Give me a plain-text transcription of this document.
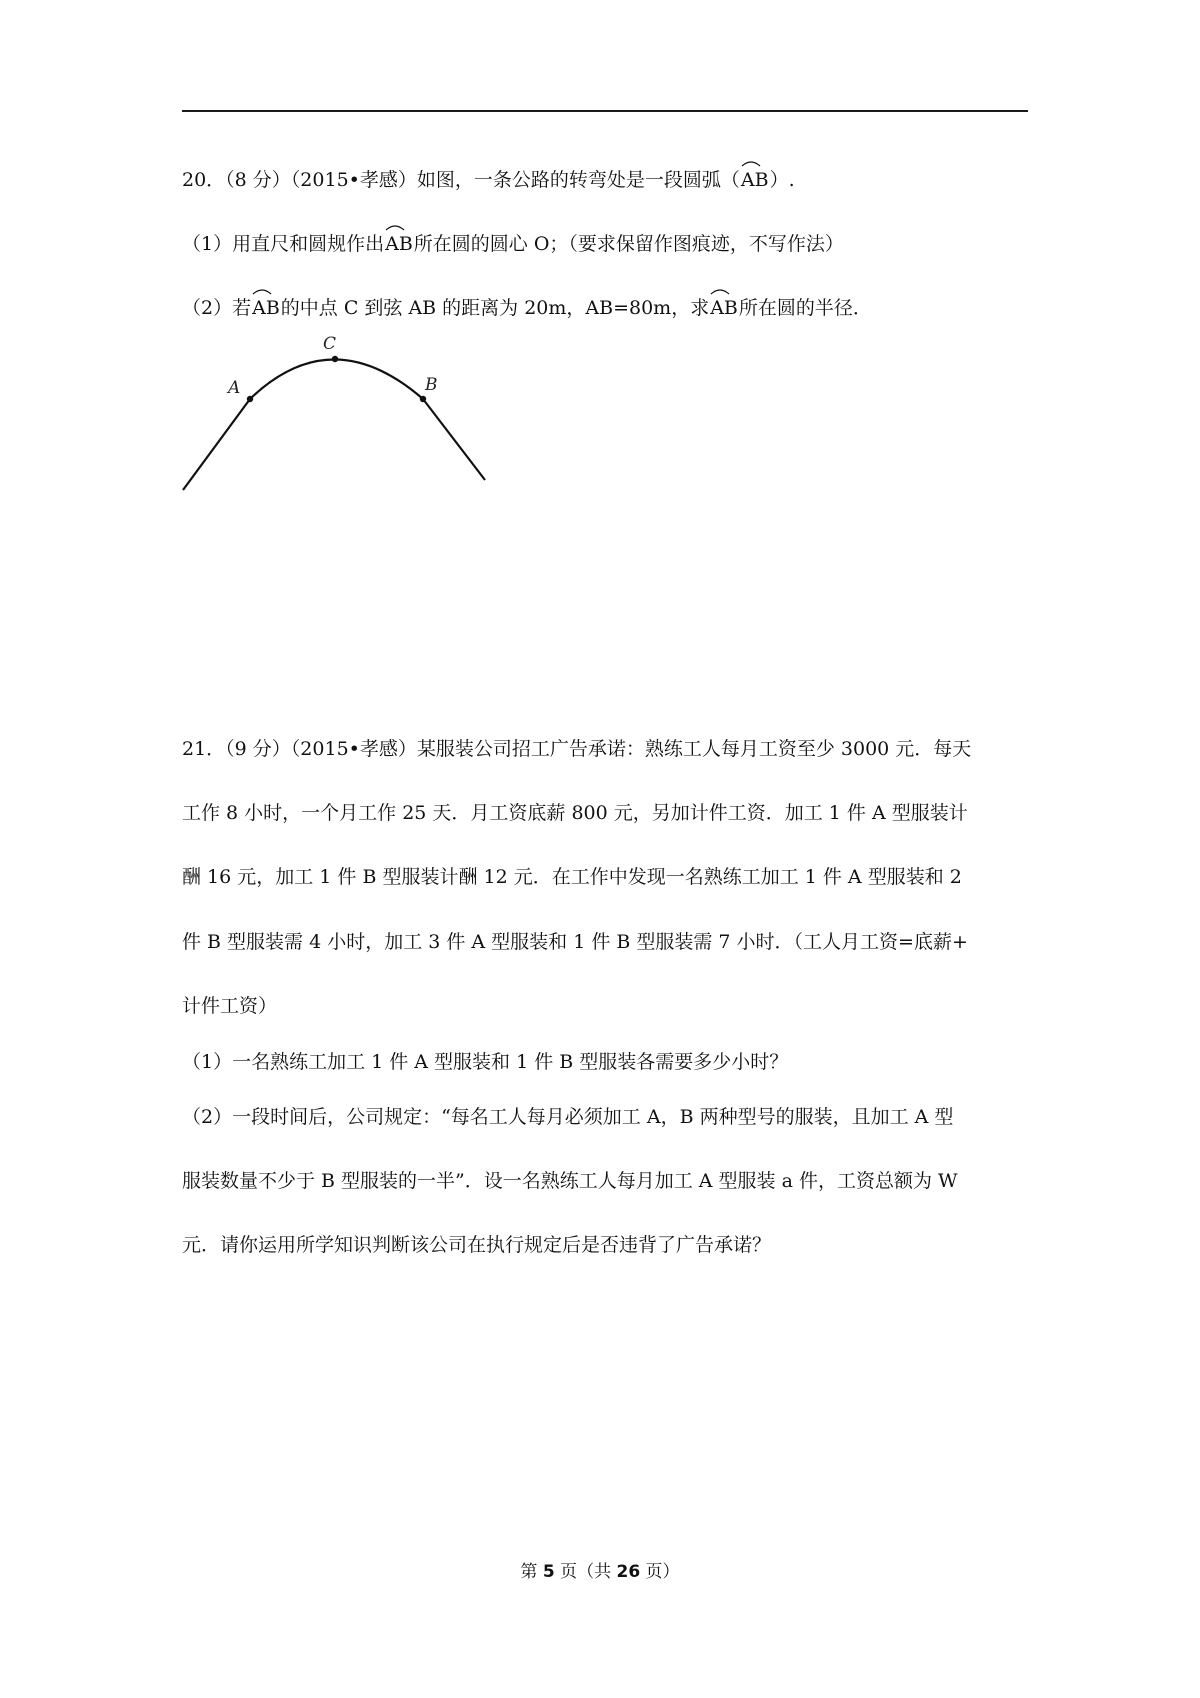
20．（8 分）（2015•孝感）如图，一条公路的转弯处是一段圆弧（
AB）.
（1）用直尺和圆规作出
AB所在圆的圆心 O；（要求保留作图痕迹，不写作法）
（2）若
AB的中点 C 到弦 AB 的距离为 20m，AB=80m，求
AB所在圆的半径．
A
C
B
21．（9 分）（2015•孝感）某服装公司招工广告承诺：熟练工人每月工资至少 3000 元．每天
工作 8 小时，一个月工作 25 天．月工资底薪 800 元，另加计件工资．加工 1 件 A 型服装计
酬 16 元，加工 1 件 B 型服装计酬 12 元．在工作中发现一名熟练工加工 1 件 A 型服装和 2
件 B 型服装需 4 小时，加工 3 件 A 型服装和 1 件 B 型服装需 7 小时．（工人月工资=底薪+
计件工资）
（1）一名熟练工加工 1 件 A 型服装和 1 件 B 型服装各需要多少小时？
（2）一段时间后，公司规定：“每名工人每月必须加工 A，B 两种型号的服装，且加工 A 型
服装数量不少于 B 型服装的一半”．设一名熟练工人每月加工 A 型服装 a 件，工资总额为 W
元．请你运用所学知识判断该公司在执行规定后是否违背了广告承诺？
第 5 页（共 26 页）
